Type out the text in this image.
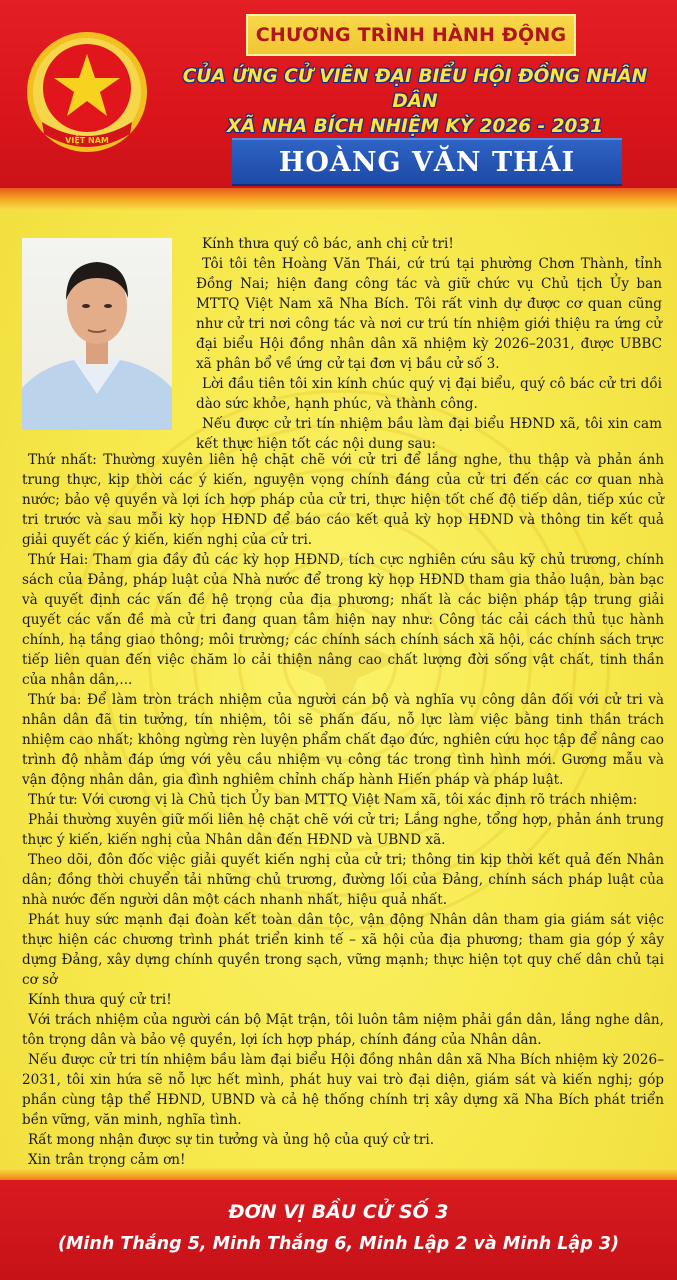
VIỆT NAM
CHƯƠNG TRÌNH HÀNH ĐỘNG
CỦA ỨNG CỬ VIÊN ĐẠI BIỂU HỘI ĐỒNG NHÂN DÂN
XÃ NHA BÍCH NHIỆM KỲ 2026 - 2031
HOÀNG VĂN THÁI

Kính thưa quý cô bác, anh chị cử tri!

Tôi tôi tên Hoàng Văn Thái, cứ trú tại phường Chơn Thành, tỉnh Đồng Nai; hiện đang công tác và giữ chức vụ Chủ tịch Ủy ban MTTQ Việt Nam xã Nha Bích. Tôi rất vinh dự được cơ quan cũng như cử tri nơi công tác và nơi cư trú tín nhiệm giới thiệu ra ứng cử đại biểu Hội đồng nhân dân xã nhiệm kỳ 2026–2031, được UBBC xã phân bổ về ứng cử tại đơn vị bầu cử số 3.

Lời đầu tiên tôi xin kính chúc quý vị đại biểu, quý cô bác cử tri dồi dào sức khỏe, hạnh phúc, và thành công.

Nếu được cử tri tín nhiệm bầu làm đại biểu HĐND xã, tôi xin cam kết thực hiện tốt các nội dung sau:

Thứ nhất: Thường xuyên liên hệ chặt chẽ với cử tri để lắng nghe, thu thập và phản ánh trung thực, kịp thời các ý kiến, nguyện vọng chính đáng của cử tri đến các cơ quan nhà nước; bảo vệ quyền và lợi ích hợp pháp của cử tri, thực hiện tốt chế độ tiếp dân, tiếp xúc cử tri trước và sau mỗi kỳ họp HĐND để báo cáo kết quả kỳ họp HĐND và thông tin kết quả giải quyết các ý kiến, kiến nghị của cử tri.

Thứ Hai: Tham gia đầy đủ các kỳ họp HĐND, tích cực nghiên cứu sâu kỹ chủ trương, chính sách của Đảng, pháp luật của Nhà nước để trong kỳ họp HĐND tham gia thảo luận, bàn bạc và quyết định các vấn đề hệ trọng của địa phương; nhất là các biện pháp tập trung giải quyết các vấn đề mà cử tri đang quan tâm hiện nay như: Công tác cải cách thủ tục hành chính, hạ tầng giao thông; môi trường; các chính sách chính sách xã hội, các chính sách trực tiếp liên quan đến việc chăm lo cải thiện nâng cao chất lượng đời sống vật chất, tinh thần của nhân dân,...

Thứ ba: Để làm tròn trách nhiệm của người cán bộ và nghĩa vụ công dân đối với cử tri và nhân dân đã tin tưởng, tín nhiệm, tôi sẽ phấn đấu, nỗ lực làm việc bằng tinh thần trách nhiệm cao nhất; không ngừng rèn luyện phẩm chất đạo đức, nghiên cứu học tập để nâng cao trình độ nhằm đáp ứng với yêu cầu nhiệm vụ công tác trong tình hình mới. Gương mẫu và vận động nhân dân, gia đình nghiêm chỉnh chấp hành Hiến pháp và pháp luật.

Thứ tư: Với cương vị là Chủ tịch Ủy ban MTTQ Việt Nam xã, tôi xác định rõ trách nhiệm:

Phải thường xuyên giữ mối liên hệ chặt chẽ với cử tri; Lắng nghe, tổng hợp, phản ánh trung thực ý kiến, kiến nghị của Nhân dân đến HĐND và UBND xã.

Theo dõi, đôn đốc việc giải quyết kiến nghị của cử tri; thông tin kịp thời kết quả đến Nhân dân; đồng thời chuyển tải những chủ trương, đường lối của Đảng, chính sách pháp luật của nhà nước đến người dân một cách nhanh nhất, hiệu quả nhất.

Phát huy sức mạnh đại đoàn kết toàn dân tộc, vận động Nhân dân tham gia giám sát việc thực hiện các chương trình phát triển kinh tế – xã hội của địa phương; tham gia góp ý xây dựng Đảng, xây dựng chính quyền trong sạch, vững mạnh; thực hiện tọt quy chế dân chủ tại cơ sở

Kính thưa quý cử tri!

Với trách nhiệm của người cán bộ Mặt trận, tôi luôn tâm niệm phải gần dân, lắng nghe dân, tôn trọng dân và bảo vệ quyền, lợi ích hợp pháp, chính đáng của Nhân dân.

Nếu được cử tri tín nhiệm bầu làm đại biểu Hội đồng nhân dân xã Nha Bích nhiệm kỳ 2026–2031, tôi xin hứa sẽ nỗ lực hết mình, phát huy vai trò đại diện, giám sát và kiến nghị; góp phần cùng tập thể HĐND, UBND và cả hệ thống chính trị xây dựng xã Nha Bích phát triển bền vững, văn minh, nghĩa tình.

Rất mong nhận được sự tin tưởng và ủng hộ của quý cử tri.

Xin trân trọng cảm ơn!

ĐƠN VỊ BẦU CỬ SỐ 3
(Minh Thắng 5, Minh Thắng 6, Minh Lập 2 và Minh Lập 3)
